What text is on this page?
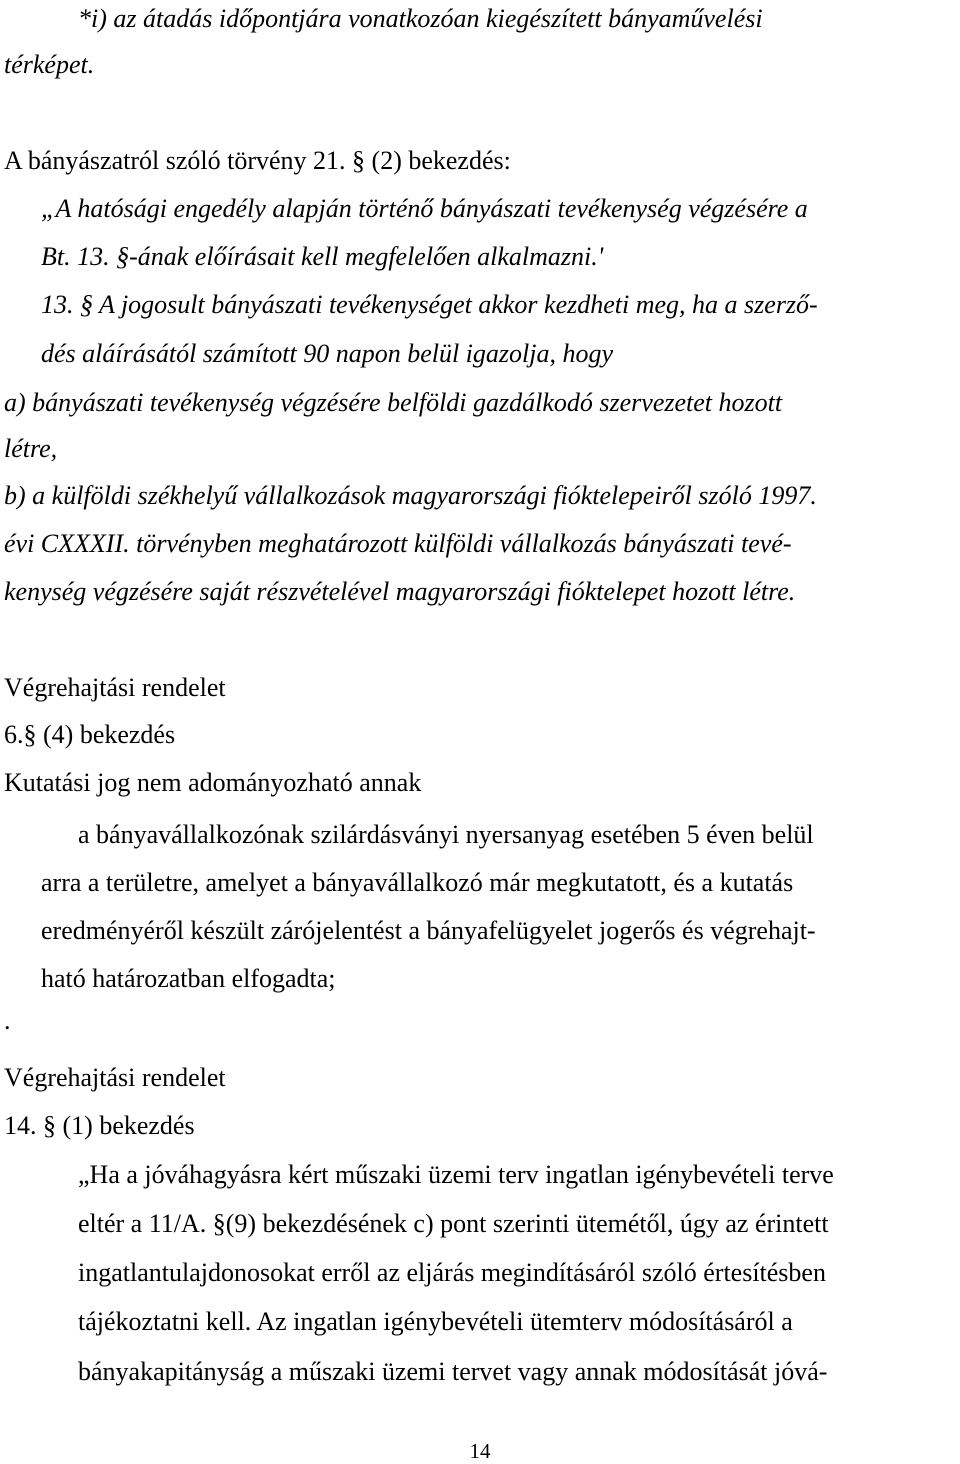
*i) az átadás időpontjára vonatkozóan kiegészített bányaművelési

térképet.

A bányászatról szóló törvény 21. § (2) bekezdés:

„A hatósági engedély alapján történő bányászati tevékenység végzésére a

Bt. 13. §-ának előírásait kell megfelelően alkalmazni.'

13. § A jogosult bányászati tevékenységet akkor kezdheti meg, ha a szerző-

dés aláírásától számított 90 napon belül igazolja, hogy

a) bányászati tevékenység végzésére belföldi gazdálkodó szervezetet hozott

létre,

b) a külföldi székhelyű vállalkozások magyarországi fióktelepeiről szóló 1997.

évi CXXXII. törvényben meghatározott külföldi vállalkozás bányászati tevé-

kenység végzésére saját részvételével magyarországi fióktelepet hozott létre.

Végrehajtási rendelet

6.§ (4) bekezdés

Kutatási jog nem adományozható annak

a bányavállalkozónak szilárdásványi nyersanyag esetében 5 éven belül

arra a területre, amelyet a bányavállalkozó már megkutatott, és a kutatás

eredményéről készült zárójelentést a bányafelügyelet jogerős és végrehajt-

ható határozatban elfogadta;

.

Végrehajtási rendelet

14. § (1) bekezdés

„Ha a jóváhagyásra kért műszaki üzemi terv ingatlan igénybevételi terve

eltér a 11/A. §(9) bekezdésének c) pont szerinti ütemétől, úgy az érintett

ingatlantulajdonosokat erről az eljárás megindításáról szóló értesítésben

tájékoztatni kell. Az ingatlan igénybevételi ütemterv módosításáról a

bányakapitányság a műszaki üzemi tervet vagy annak módosítását jóvá-

14
